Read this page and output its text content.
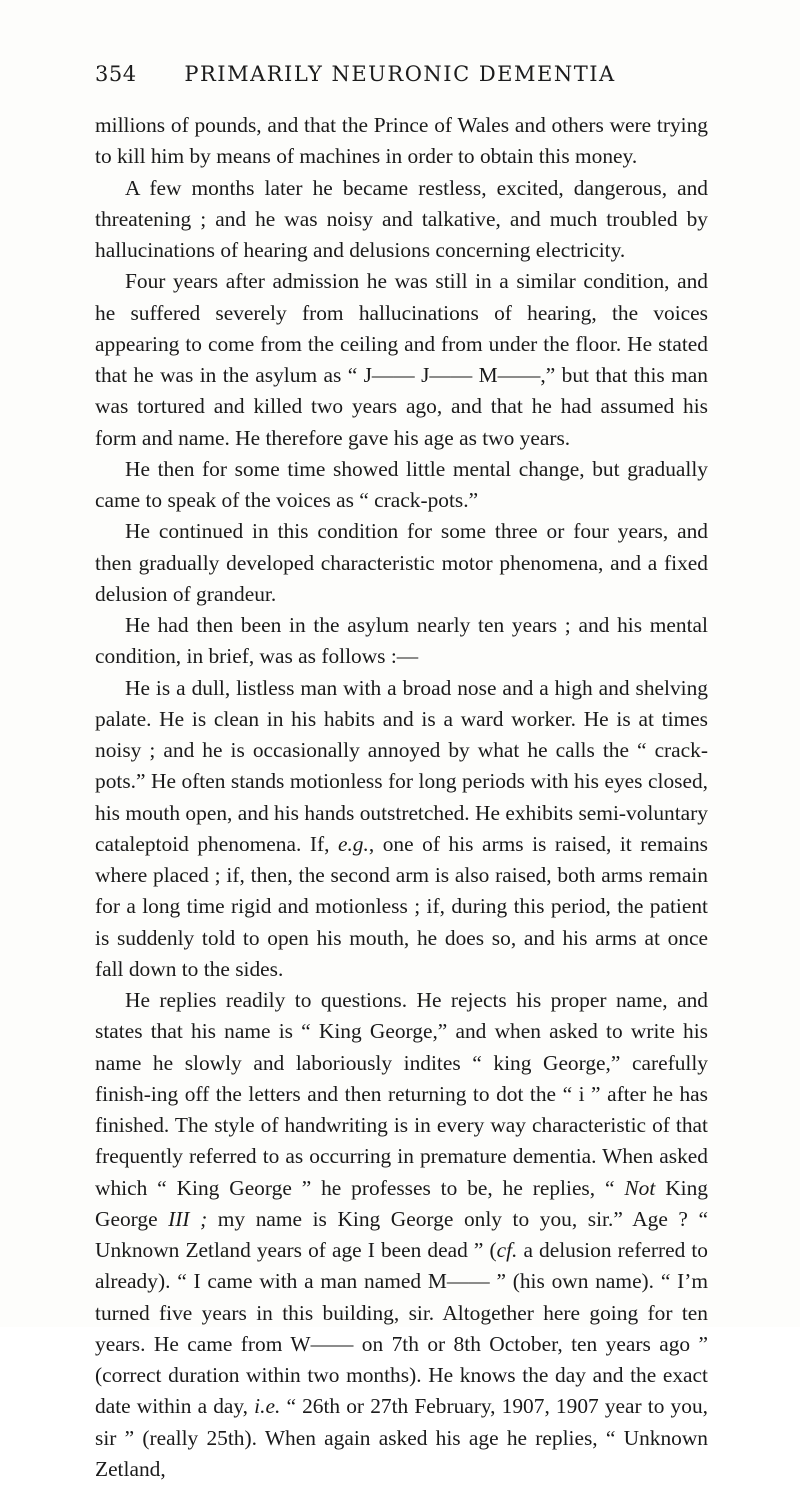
354	PRIMARILY NEURONIC DEMENTIA

millions of pounds, and that the Prince of Wales and others were trying to kill him by means of machines in order to obtain this money.

A few months later he became restless, excited, dangerous, and threatening ; and he was noisy and talkative, and much troubled by hallucinations of hearing and delusions concerning electricity.

Four years after admission he was still in a similar condition, and he suffered severely from hallucinations of hearing, the voices appearing to come from the ceiling and from under the floor. He stated that he was in the asylum as “ J—— J—— M——,” but that this man was tortured and killed two years ago, and that he had assumed his form and name. He therefore gave his age as two years.

He then for some time showed little mental change, but gradually came to speak of the voices as “ crack-pots.”

He continued in this condition for some three or four years, and then gradually developed characteristic motor phenomena, and a fixed delusion of grandeur.

He had then been in the asylum nearly ten years ; and his mental condition, in brief, was as follows :—

He is a dull, listless man with a broad nose and a high and shelving palate. He is clean in his habits and is a ward worker. He is at times noisy ; and he is occasionally annoyed by what he calls the “ crack-pots.” He often stands motionless for long periods with his eyes closed, his mouth open, and his hands outstretched. He exhibits semi-voluntary cataleptoid phenomena. If, e.g., one of his arms is raised, it remains where placed ; if, then, the second arm is also raised, both arms remain for a long time rigid and motionless ; if, during this period, the patient is suddenly told to open his mouth, he does so, and his arms at once fall down to the sides.

He replies readily to questions. He rejects his proper name, and states that his name is “ King George,” and when asked to write his name he slowly and laboriously indites “ king George,” carefully finish-ing off the letters and then returning to dot the “ i ” after he has finished. The style of handwriting is in every way characteristic of that frequently referred to as occurring in premature dementia. When asked which “ King George ” he professes to be, he replies, “ Not King George III ; my name is King George only to you, sir.” Age ? “ Unknown Zetland years of age I been dead ” (cf. a delusion referred to already). “ I came with a man named M—— ” (his own name). “ I’m turned five years in this building, sir. Altogether here going for ten years. He came from W—— on 7th or 8th October, ten years ago ” (correct duration within two months). He knows the day and the exact date within a day, i.e. “ 26th or 27th February, 1907, 1907 year to you, sir ” (really 25th). When again asked his age he replies, “ Unknown Zetland,
